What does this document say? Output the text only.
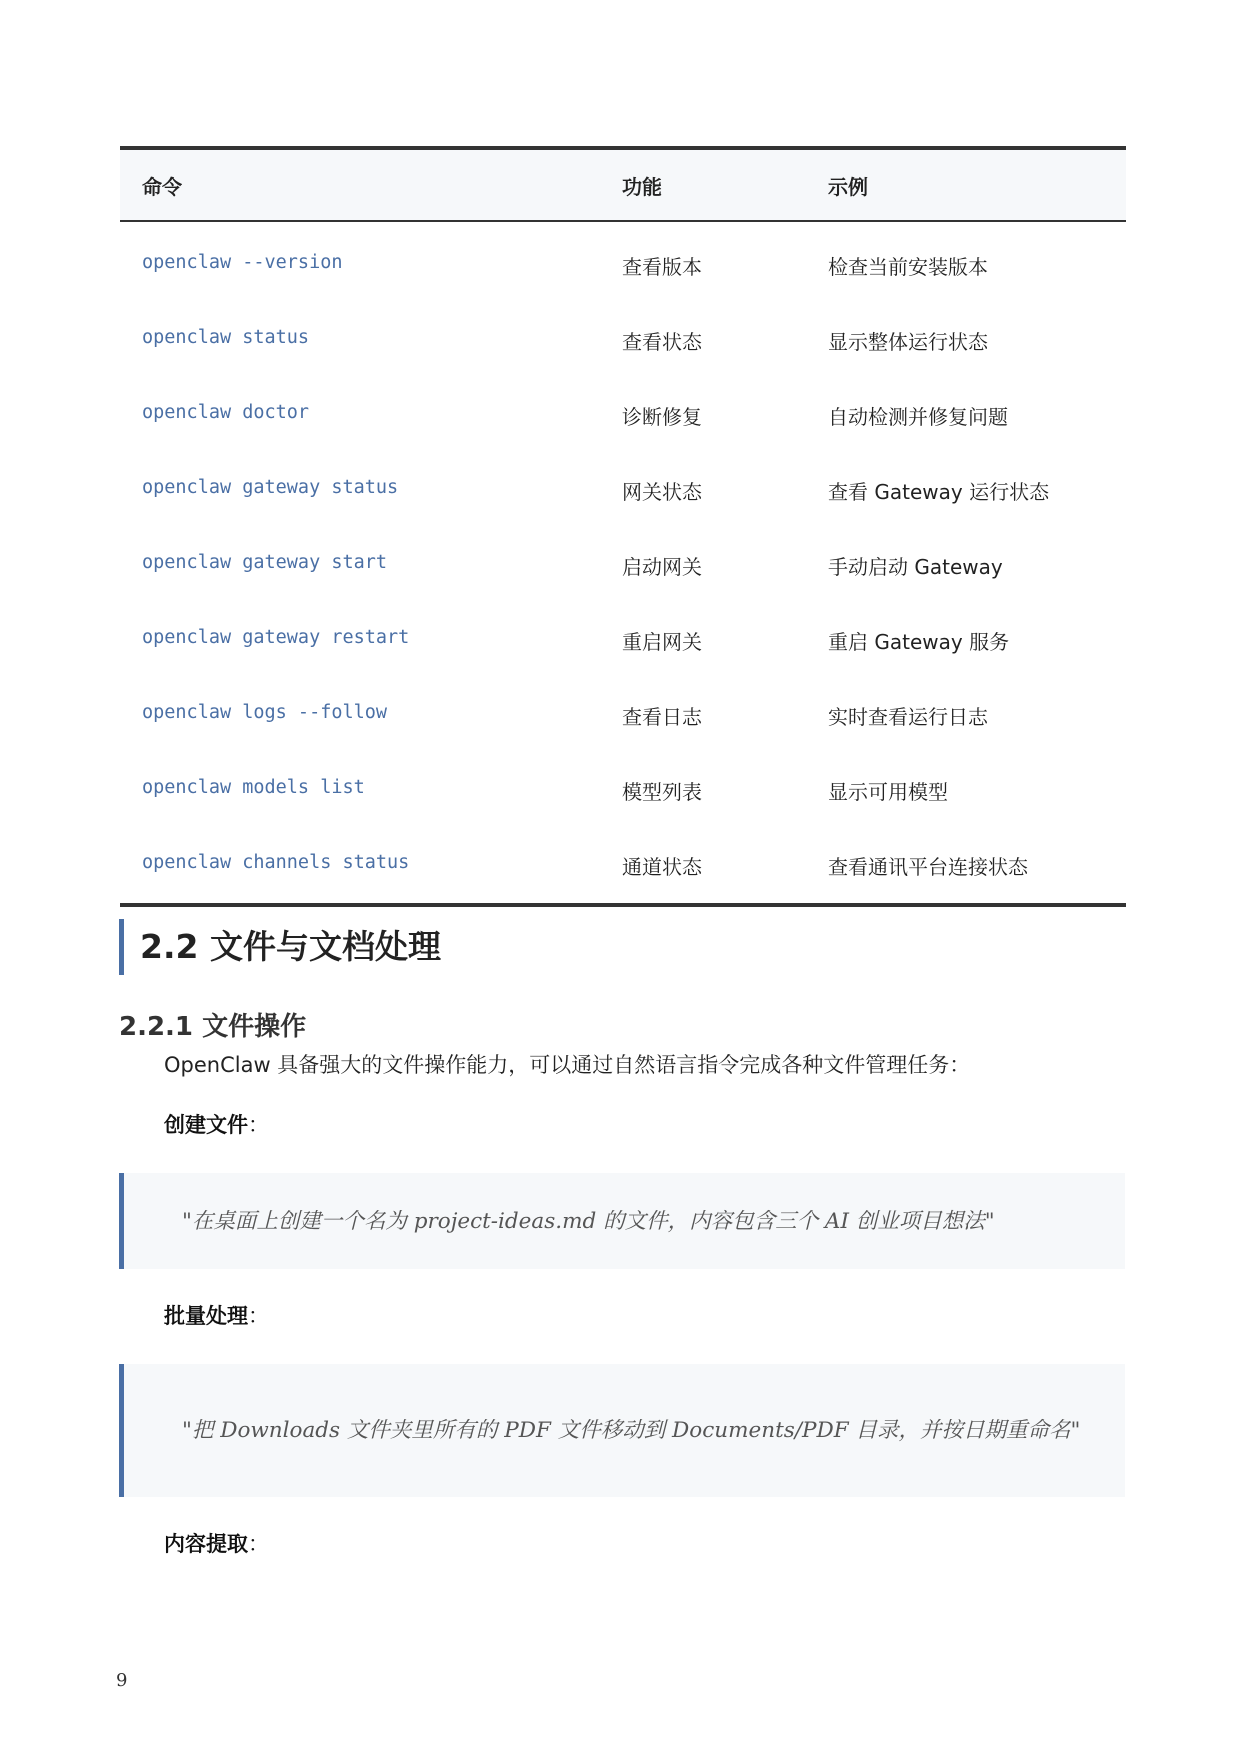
命令	功能	示例
openclaw --version	查看版本	检查当前安装版本
openclaw status	查看状态	显示整体运行状态
openclaw doctor	诊断修复	自动检测并修复问题
openclaw gateway status	网关状态	查看 Gateway 运行状态
openclaw gateway start	启动网关	手动启动 Gateway
openclaw gateway restart	重启网关	重启 Gateway 服务
openclaw logs --follow	查看日志	实时查看运行日志
openclaw models list	模型列表	显示可用模型
openclaw channels status	通道状态	查看通讯平台连接状态
2.2 文件与文档处理
2.2.1 文件操作

OpenClaw 具备强大的文件操作能力，可以通过自然语言指令完成各种文件管理任务：

创建文件：
"在桌面上创建一个名为 project-ideas.md 的文件，内容包含三个 AI 创业项目想法"
批量处理：
"把 Downloads 文件夹里所有的 PDF 文件移动到 Documents/PDF 目录，并按日期重命名"
内容提取：
9
